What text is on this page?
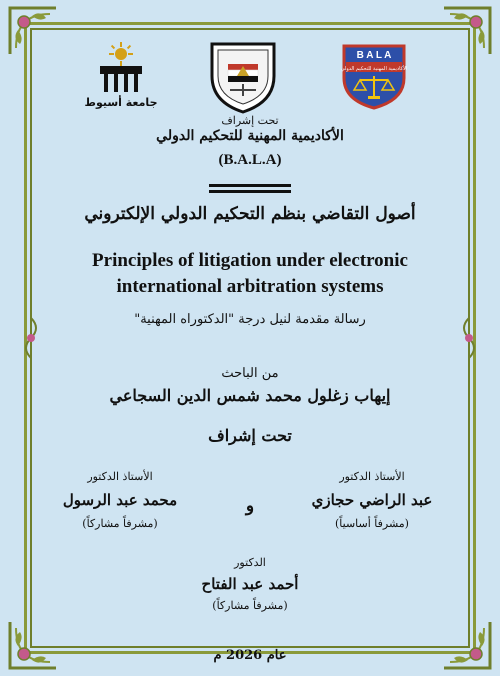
B A L A
الأكاديمية المهنية للتحكيم الدولي
جامعة أسيوط
تحت إشراف
الأكاديمية المهنية للتحكيم الدولي
(B.A.L.A)
أصول التقاضي بنظم التحكيم الدولي الإلكتروني
Principles of litigation under electronic
international arbitration systems
رسالة مقدمة لنيل درجة "الدكتوراه المهنية"
من الباحث
إيهاب زغلول محمد شمس الدين السجاعي
تحت إشراف
الأستاذ الدكتور
عبد الراضي حجازي
(مشرفاً أساسياً)
و
الأستاذ الدكتور
محمد عبد الرسول
(مشرفاً مشاركاً)
الدكتور
أحمد عبد الفتاح
(مشرفاً مشاركاً)
عام 2026 م
